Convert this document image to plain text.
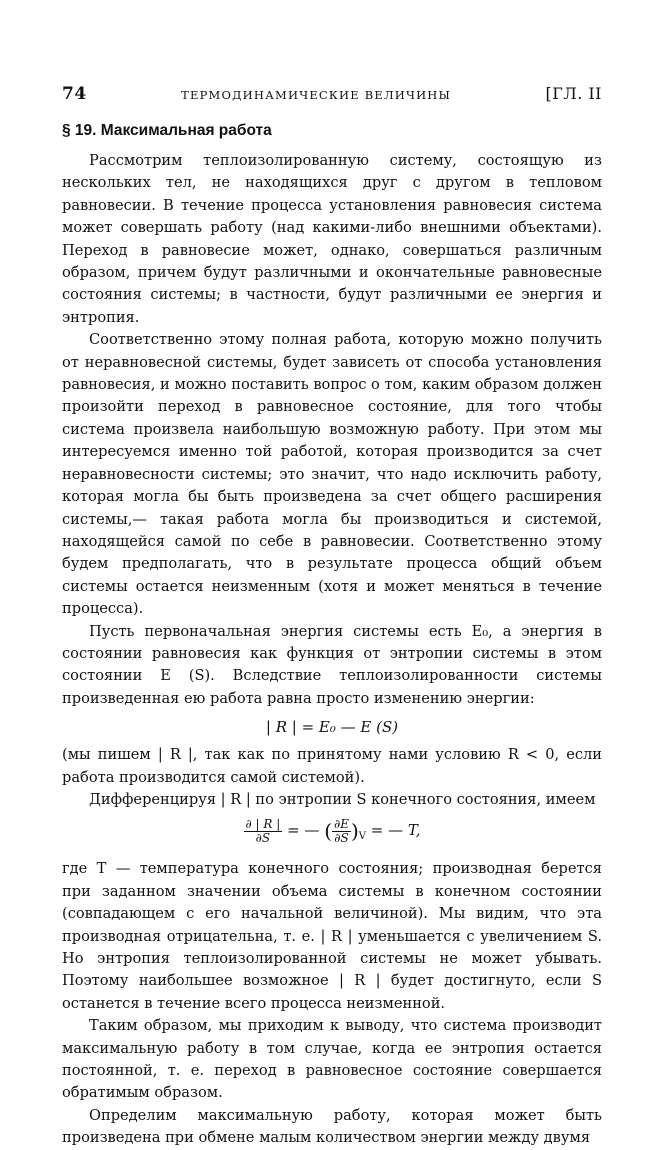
74	ТЕРМОДИНАМИЧЕСКИЕ ВЕЛИЧИНЫ	[ГЛ. II
§ 19. Максимальная работа

Рассмотрим теплоизолированную систему, состоящую из нескольких тел, не находящихся друг с другом в тепловом равновесии. В течение процесса установления равновесия система может совершать работу (над какими-либо внешними объектами). Переход в равновесие может, однако, совершаться различным образом, причем будут различными и окончательные равновесные состояния системы; в частности, будут различными ее энергия и энтропия.

Соответственно этому полная работа, которую можно получить от неравновесной системы, будет зависеть от способа установления равновесия, и можно поставить вопрос о том, каким образом должен произойти переход в равновесное состояние, для того чтобы система произвела наибольшую возможную работу. При этом мы интересуемся именно той работой, которая производится за счет неравновесности системы; это значит, что надо исключить работу, которая могла бы быть произведена за счет общего расширения системы,— такая работа могла бы производиться и системой, находящейся самой по себе в равновесии. Соответственно этому будем предполагать, что в результате процесса общий объем системы остается неизменным (хотя и может меняться в течение процесса).

Пусть первоначальная энергия системы есть E₀, а энергия в состоянии равновесия как функция от энтропии системы в этом состоянии E (S). Вследствие теплоизолированности системы произведенная ею работа равна просто изменению энергии:

| R | = E₀ — E (S)

(мы пишем | R |, так как по принятому нами условию R < 0, если работа производится самой системой).

Дифференцируя | R | по энтропии S конечного состояния, имеем

$\frac{\partial | R |}{\partial S}$ = — ( $\frac{\partial E}{\partial S} )_V$ = — T,

где T — температура конечного состояния; производная берется при заданном значении объема системы в конечном состоянии (совпадающем с его начальной величиной). Мы видим, что эта производная отрицательна, т. е. | R | уменьшается с увеличением S. Но энтропия теплоизолированной системы не может убывать. Поэтому наибольшее возможное | R | будет достигнуто, если S останется в течение всего процесса неизменной.

Таким образом, мы приходим к выводу, что система производит максимальную работу в том случае, когда ее энтропия остается постоянной, т. е. переход в равновесное состояние совершается обратимым образом.

Определим максимальную работу, которая может быть произведена при обмене малым количеством энергии между двумя
